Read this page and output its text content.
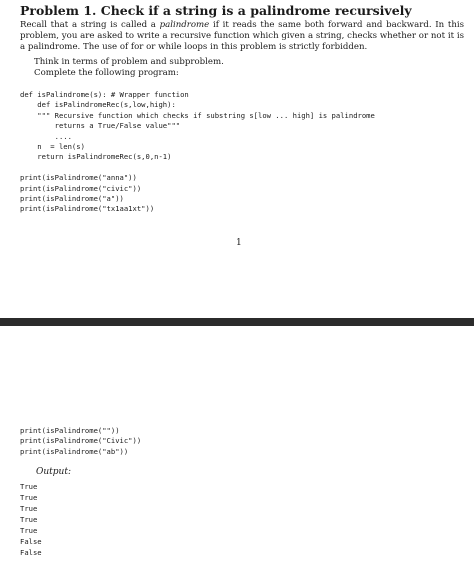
Problem 1. Check if a string is a palindrome recursively
Recall that a string is called a palindrome if it reads the same both forward and backward. In this problem, you are asked to write a recursive function which given a string, checks whether or not it is a palindrome. The use of for or while loops in this problem is strictly forbidden.
Think in terms of problem and subproblem.
Complete the following program:
def isPalindrome(s): # Wrapper function
def isPalindromeRec(s,low,high):
""" Recursive function which checks if substring s[low ... high] is palindrome
returns a True/False value"""
....
n  = len(s)
return isPalindromeRec(s,0,n-1)

print(isPalindrome("anna"))
print(isPalindrome("civic"))
print(isPalindrome("a"))
print(isPalindrome("tx1aa1xt"))
1
print(isPalindrome(""))
print(isPalindrome("Civic"))
print(isPalindrome("ab"))
Output:
True
True
True
True
True
False
False
